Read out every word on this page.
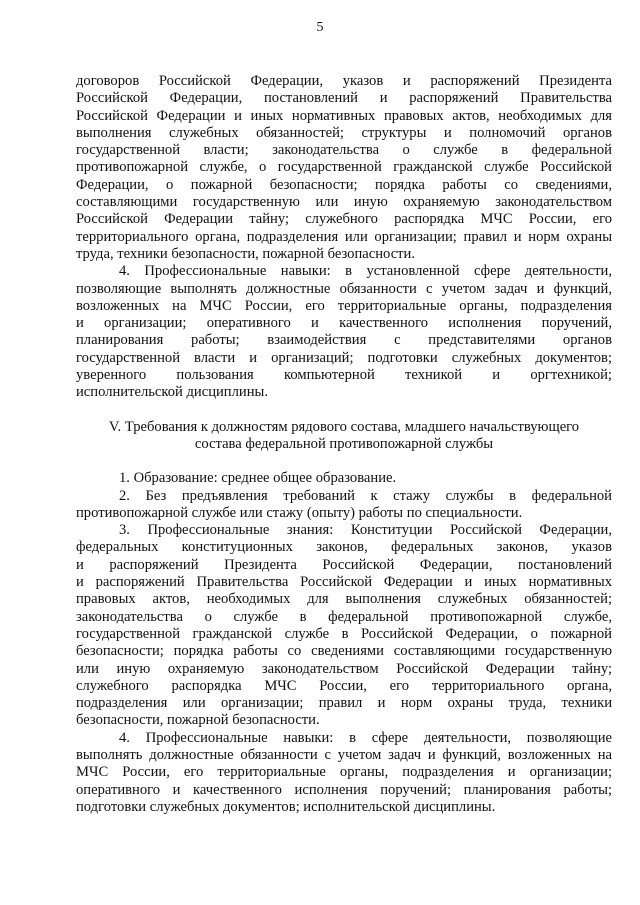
5
договоров Российской Федерации, указов и распоряжений Президента
Российской Федерации, постановлений и распоряжений Правительства
Российской Федерации и иных нормативных правовых актов, необходимых для
выполнения служебных обязанностей; структуры и полномочий органов
государственной власти; законодательства о службе в федеральной
противопожарной службе, о государственной гражданской службе Российской
Федерации, о пожарной безопасности; порядка работы со сведениями,
составляющими государственную или иную охраняемую законодательством
Российской Федерации тайну; служебного распорядка МЧС России, его
территориального органа, подразделения или организации; правил и норм охраны
труда, техники безопасности, пожарной безопасности.
4. Профессиональные навыки: в установленной сфере деятельности,
позволяющие выполнять должностные обязанности с учетом задач и функций,
возложенных на МЧС России, его территориальные органы, подразделения
и организации; оперативного и качественного исполнения поручений,
планирования работы; взаимодействия с представителями органов
государственной власти и организаций; подготовки служебных документов;
уверенного пользования компьютерной техникой и оргтехникой;
исполнительской дисциплины.
V. Требования к должностям рядового состава, младшего начальствующего
состава федеральной противопожарной службы
1. Образование: среднее общее образование.
2. Без предъявления требований к стажу службы в федеральной
противопожарной службе или стажу (опыту) работы по специальности.
3. Профессиональные знания: Конституции Российской Федерации,
федеральных конституционных законов, федеральных законов, указов
и распоряжений Президента Российской Федерации, постановлений
и распоряжений Правительства Российской Федерации и иных нормативных
правовых актов, необходимых для выполнения служебных обязанностей;
законодательства о службе в федеральной противопожарной службе,
государственной гражданской службе в Российской Федерации, о пожарной
безопасности; порядка работы со сведениями составляющими государственную
или иную охраняемую законодательством Российской Федерации тайну;
служебного распорядка МЧС России, его территориального органа,
подразделения или организации; правил и норм охраны труда, техники
безопасности, пожарной безопасности.
4. Профессиональные навыки: в сфере деятельности, позволяющие
выполнять должностные обязанности с учетом задач и функций, возложенных на
МЧС России, его территориальные органы, подразделения и организации;
оперативного и качественного исполнения поручений; планирования работы;
подготовки служебных документов; исполнительской дисциплины.
